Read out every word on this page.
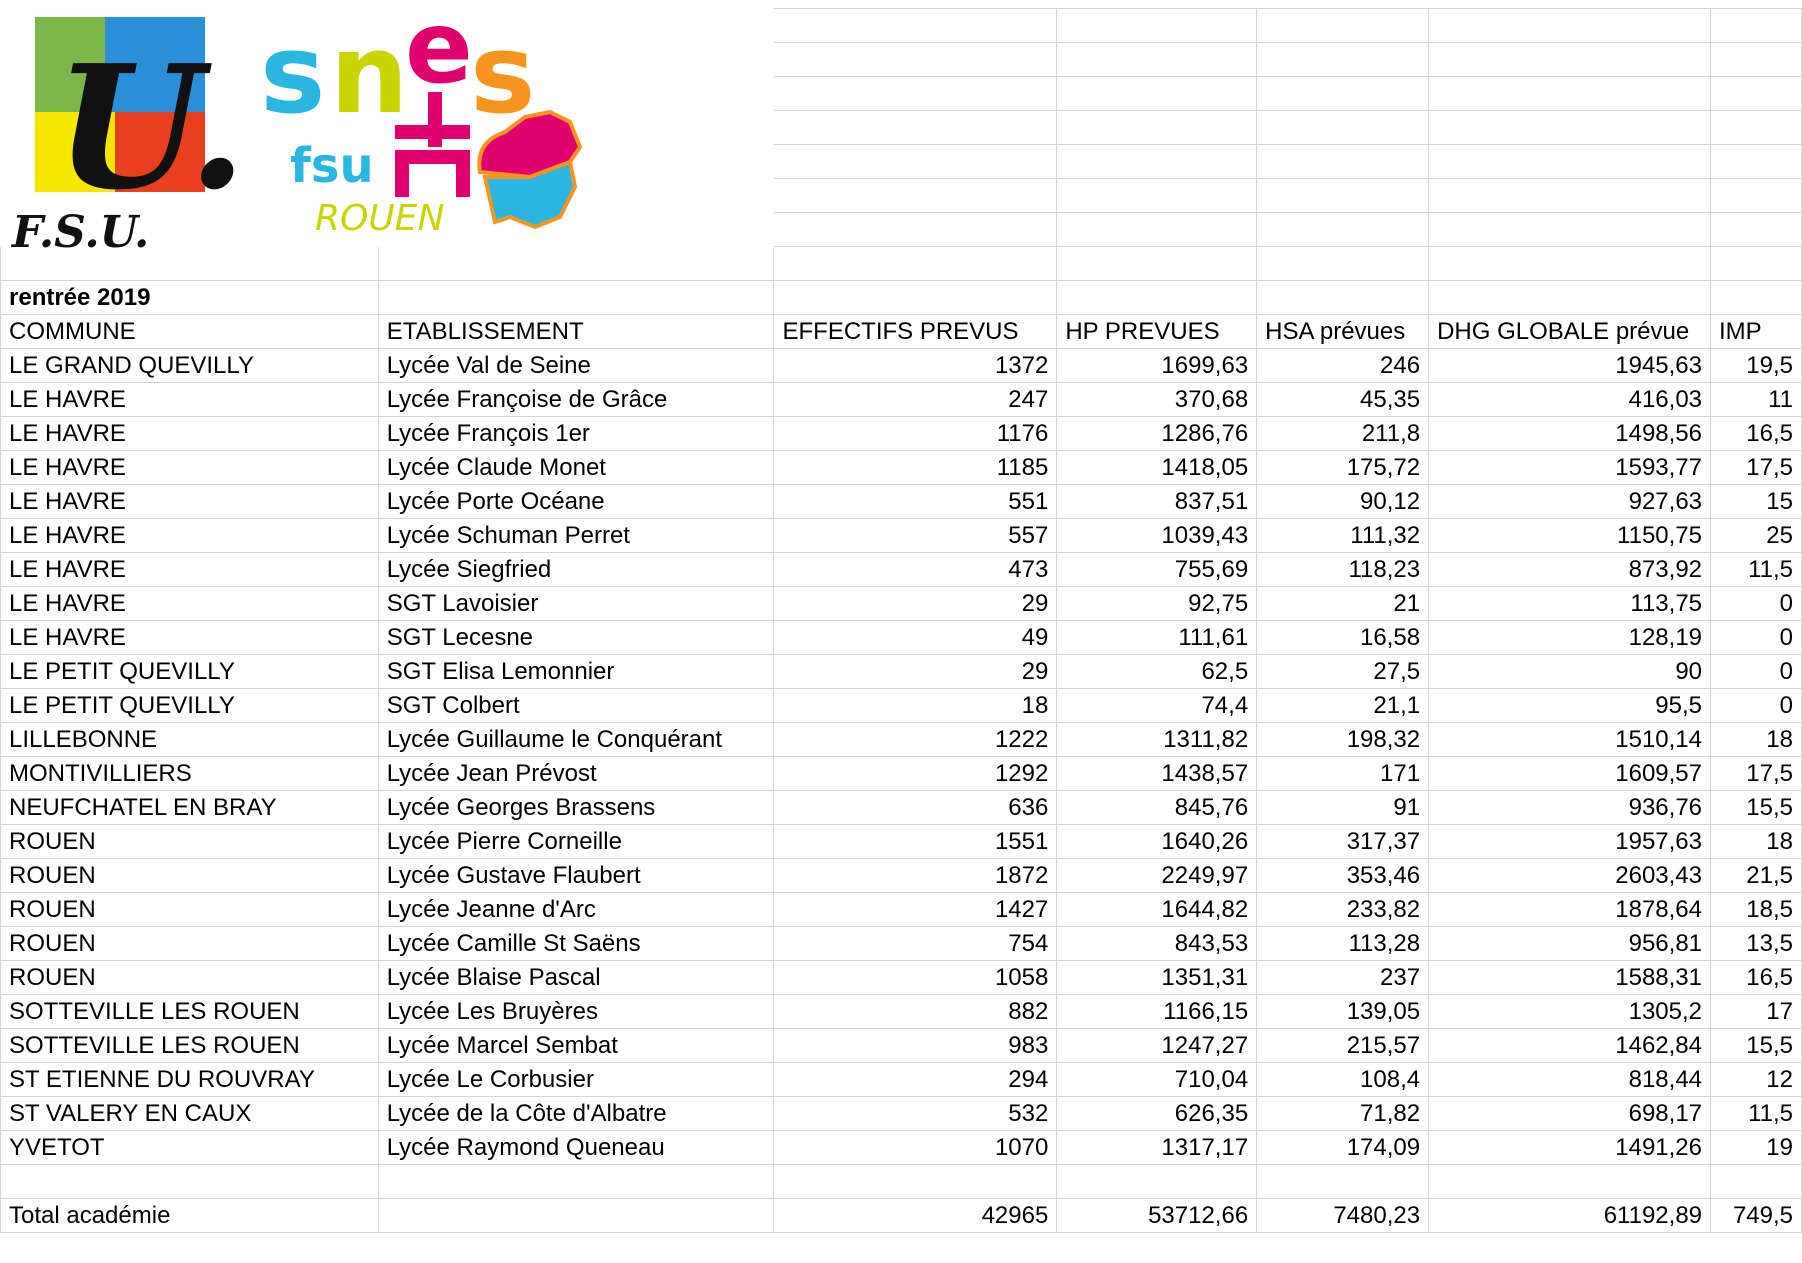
rentrée 2019						
COMMUNE	ETABLISSEMENT	EFFECTIFS PREVUS	HP PREVUES	HSA prévues	DHG GLOBALE prévue	IMP
LE GRAND QUEVILLY	Lycée Val de Seine	1372	1699,63	246	1945,63	19,5
LE HAVRE	Lycée Françoise de Grâce	247	370,68	45,35	416,03	11
LE HAVRE	Lycée François 1er	1176	1286,76	211,8	1498,56	16,5
LE HAVRE	Lycée Claude Monet	1185	1418,05	175,72	1593,77	17,5
LE HAVRE	Lycée Porte Océane	551	837,51	90,12	927,63	15
LE HAVRE	Lycée Schuman Perret	557	1039,43	111,32	1150,75	25
LE HAVRE	Lycée Siegfried	473	755,69	118,23	873,92	11,5
LE HAVRE	SGT Lavoisier	29	92,75	21	113,75	0
LE HAVRE	SGT Lecesne	49	111,61	16,58	128,19	0
LE PETIT QUEVILLY	SGT Elisa Lemonnier	29	62,5	27,5	90	0
LE PETIT QUEVILLY	SGT Colbert	18	74,4	21,1	95,5	0
LILLEBONNE	Lycée Guillaume le Conquérant	1222	1311,82	198,32	1510,14	18
MONTIVILLIERS	Lycée Jean Prévost	1292	1438,57	171	1609,57	17,5
NEUFCHATEL EN BRAY	Lycée Georges Brassens	636	845,76	91	936,76	15,5
ROUEN	Lycée Pierre Corneille	1551	1640,26	317,37	1957,63	18
ROUEN	Lycée Gustave Flaubert	1872	2249,97	353,46	2603,43	21,5
ROUEN	Lycée Jeanne d'Arc	1427	1644,82	233,82	1878,64	18,5
ROUEN	Lycée Camille St Saëns	754	843,53	113,28	956,81	13,5
ROUEN	Lycée Blaise Pascal	1058	1351,31	237	1588,31	16,5
SOTTEVILLE LES ROUEN	Lycée Les Bruyères	882	1166,15	139,05	1305,2	17
SOTTEVILLE LES ROUEN	Lycée Marcel Sembat	983	1247,27	215,57	1462,84	15,5
ST ETIENNE DU ROUVRAY	Lycée Le Corbusier	294	710,04	108,4	818,44	12
ST VALERY EN CAUX	Lycée de la Côte d'Albatre	532	626,35	71,82	698,17	11,5
YVETOT	Lycée Raymond Queneau	1070	1317,17	174,09	1491,26	19

Total académie		42965	53712,66	7480,23	61192,89	749,5
U.
F.S.U.
s n
e
s
fsu
ROUEN
